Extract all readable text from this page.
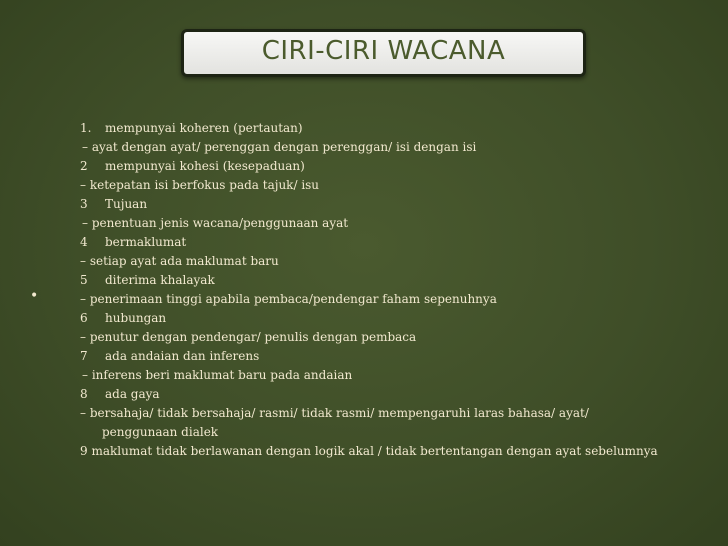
CIRI-CIRI WACANA
•
1. mempunyai koheren (pertautan)
– ayat dengan ayat/ perenggan dengan perenggan/ isi dengan isi
2 mempunyai kohesi (kesepaduan)
– ketepatan isi berfokus pada tajuk/ isu
3 Tujuan
– penentuan jenis wacana/penggunaan ayat
4 bermaklumat
– setiap ayat ada maklumat baru
5 diterima khalayak
– penerimaan tinggi apabila pembaca/pendengar faham sepenuhnya
6 hubungan
– penutur dengan pendengar/ penulis dengan pembaca
7 ada andaian dan inferens
– inferens beri maklumat baru pada andaian
8 ada gaya
– bersahaja/ tidak bersahaja/ rasmi/ tidak rasmi/ mempengaruhi laras bahasa/ ayat/
penggunaan dialek
9 maklumat tidak berlawanan dengan logik akal / tidak bertentangan dengan ayat sebelumnya
